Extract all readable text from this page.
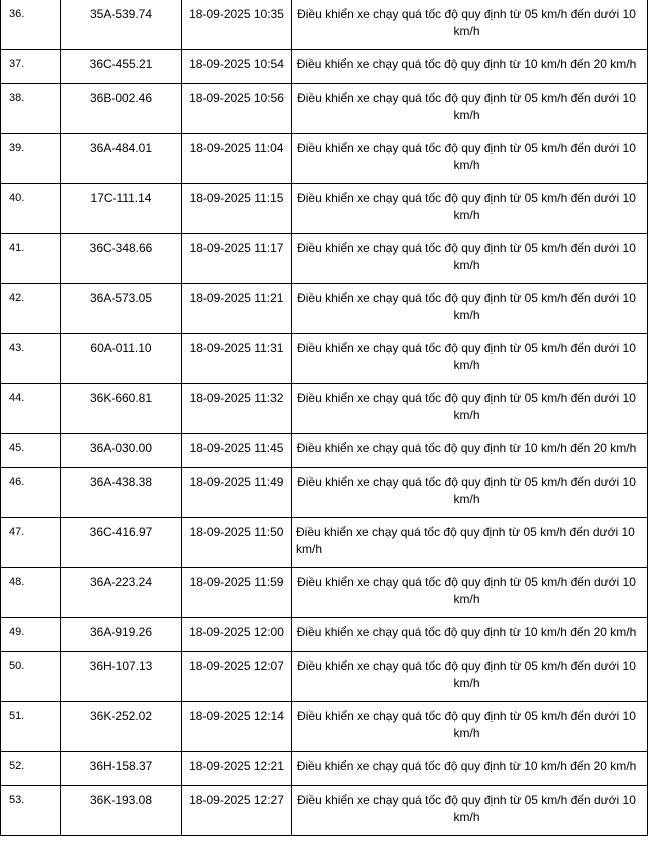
36.	35A-539.74	18-09-2025 10:35	Điều khiển xe chạy quá tốc độ quy định từ 05 km/h đến dưới 10 km/h
37.	36C-455.21	18-09-2025 10:54	Điều khiển xe chạy quá tốc độ quy định từ 10 km/h đến 20 km/h
38.	36B-002.46	18-09-2025 10:56	Điều khiển xe chạy quá tốc độ quy định từ 05 km/h đến dưới 10 km/h
39.	36A-484.01	18-09-2025 11:04	Điều khiển xe chạy quá tốc độ quy định từ 05 km/h đến dưới 10 km/h
40.	17C-111.14	18-09-2025 11:15	Điều khiển xe chạy quá tốc độ quy định từ 05 km/h đến dưới 10 km/h
41.	36C-348.66	18-09-2025 11:17	Điều khiển xe chạy quá tốc độ quy định từ 05 km/h đến dưới 10 km/h
42.	36A-573.05	18-09-2025 11:21	Điều khiển xe chạy quá tốc độ quy định từ 05 km/h đến dưới 10 km/h
43.	60A-011.10	18-09-2025 11:31	Điều khiển xe chạy quá tốc độ quy định từ 05 km/h đến dưới 10 km/h
44.	36K-660.81	18-09-2025 11:32	Điều khiển xe chạy quá tốc độ quy định từ 05 km/h đến dưới 10 km/h
45.	36A-030.00	18-09-2025 11:45	Điều khiển xe chạy quá tốc độ quy định từ 10 km/h đến 20 km/h
46.	36A-438.38	18-09-2025 11:49	Điều khiển xe chạy quá tốc độ quy định từ 05 km/h đến dưới 10 km/h
47.	36C-416.97	18-09-2025 11:50	Điều khiển xe chạy quá tốc độ quy định từ 05 km/h đến dưới 10 km/h
48.	36A-223.24	18-09-2025 11:59	Điều khiển xe chạy quá tốc độ quy định từ 05 km/h đến dưới 10 km/h
49.	36A-919.26	18-09-2025 12:00	Điều khiển xe chạy quá tốc độ quy định từ 10 km/h đến 20 km/h
50.	36H-107.13	18-09-2025 12:07	Điều khiển xe chạy quá tốc độ quy định từ 05 km/h đến dưới 10 km/h
51.	36K-252.02	18-09-2025 12:14	Điều khiển xe chạy quá tốc độ quy định từ 05 km/h đến dưới 10 km/h
52.	36H-158.37	18-09-2025 12:21	Điều khiển xe chạy quá tốc độ quy định từ 10 km/h đến 20 km/h
53.	36K-193.08	18-09-2025 12:27	Điều khiển xe chạy quá tốc độ quy định từ 05 km/h đến dưới 10 km/h
